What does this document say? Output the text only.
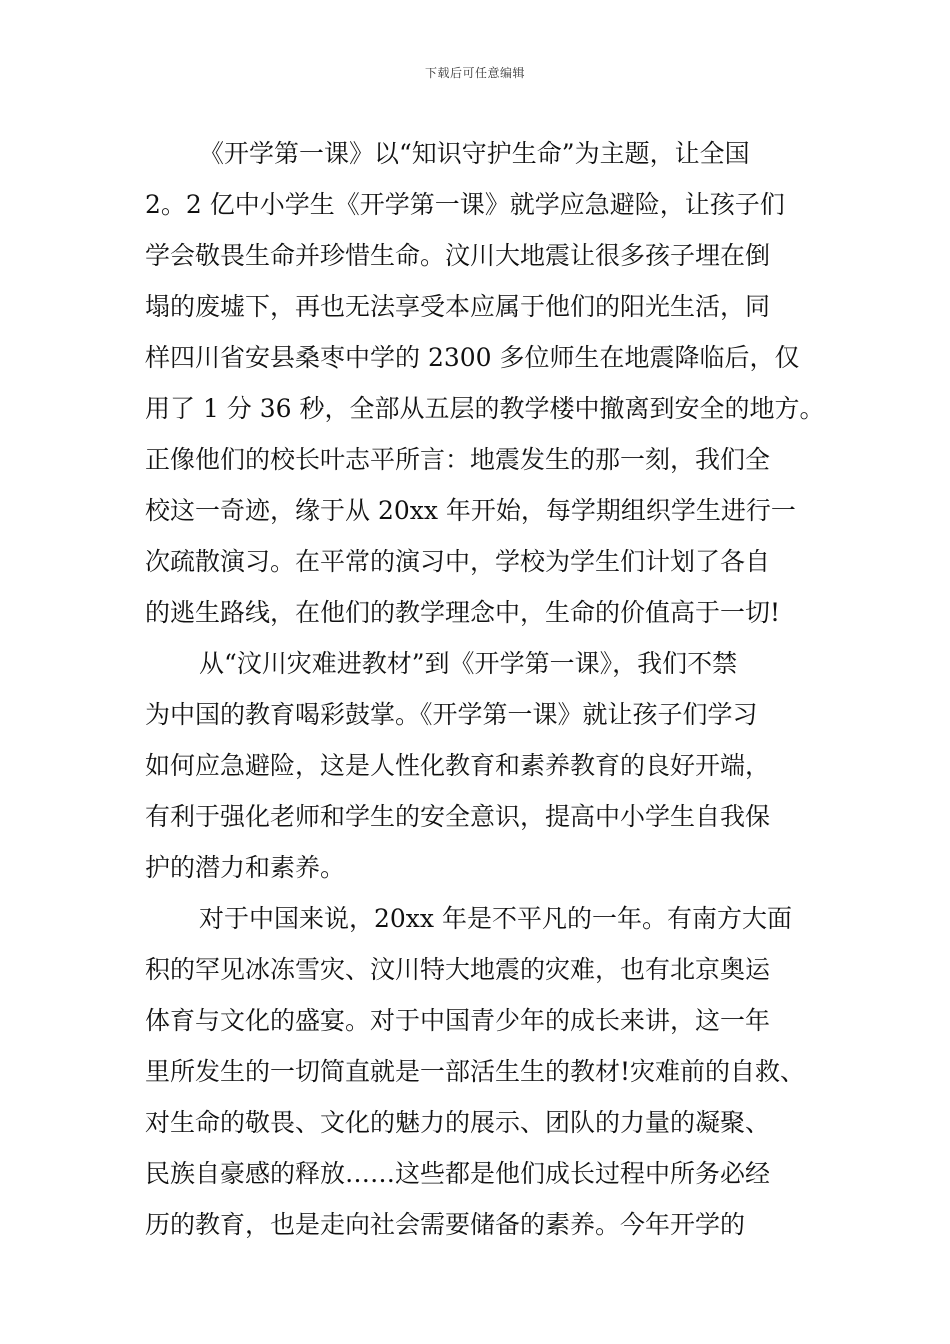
下载后可任意编辑
《开学第一课》以“知识守护生命”为主题，让全国
2。2 亿中小学生《开学第一课》就学应急避险，让孩子们
学会敬畏生命并珍惜生命。汶川大地震让很多孩子埋在倒
塌的废墟下，再也无法享受本应属于他们的阳光生活，同
样四川省安县桑枣中学的 2300 多位师生在地震降临后，仅
用了 1 分 36 秒，全部从五层的教学楼中撤离到安全的地方。
正像他们的校长叶志平所言：地震发生的那一刻，我们全
校这一奇迹，缘于从 20xx 年开始，每学期组织学生进行一
次疏散演习。在平常的演习中，学校为学生们计划了各自
的逃生路线，在他们的教学理念中，生命的价值高于一切!
从“汶川灾难进教材”到《开学第一课》，我们不禁
为中国的教育喝彩鼓掌。《开学第一课》就让孩子们学习
如何应急避险，这是人性化教育和素养教育的良好开端，
有利于强化老师和学生的安全意识，提高中小学生自我保
护的潜力和素养。
对于中国来说，20xx 年是不平凡的一年。有南方大面
积的罕见冰冻雪灾、汶川特大地震的灾难，也有北京奥运
体育与文化的盛宴。对于中国青少年的成长来讲，这一年
里所发生的一切简直就是一部活生生的教材!灾难前的自救、
对生命的敬畏、文化的魅力的展示、团队的力量的凝聚、
民族自豪感的释放……这些都是他们成长过程中所务必经
历的教育，也是走向社会需要储备的素养。今年开学的
